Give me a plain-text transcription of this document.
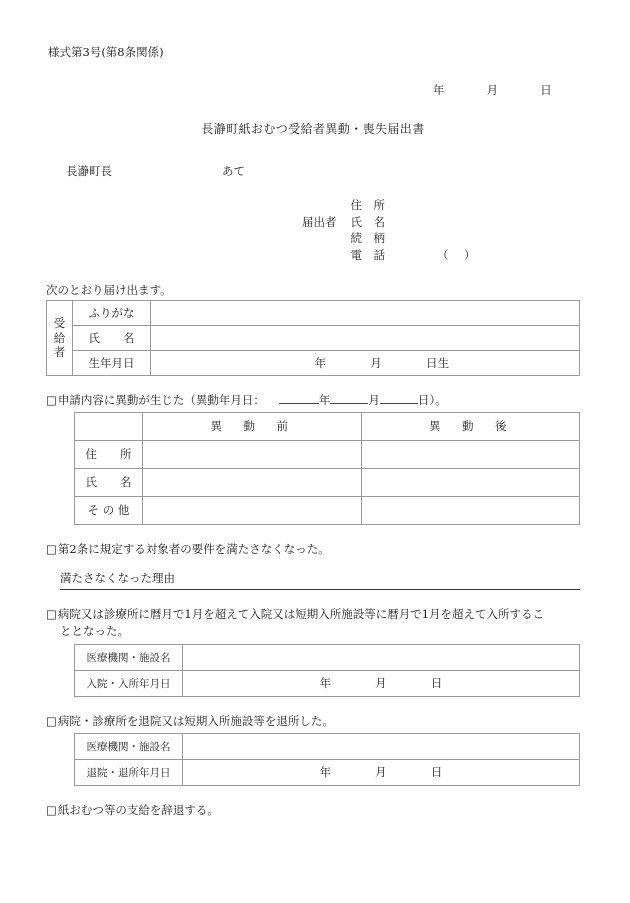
様式第3号(第8条関係)
年	月	日
長瀞町紙おむつ受給者異動・喪失届出書
長瀞町長	あて
届出者
住　所
氏　名
続　柄
電　話	（　）
次のとおり届け出ます。
受
給
者	ふりがな	
	氏　　名	
	生年月日	年 月 日生
□申請内容に異動が生じた（異動年月日：	年	月	日）。
	異　動　前	異　動　後
住　　所		
氏　　名		
そ の 他		
□第2条に規定する対象者の要件を満たさなくなった。
満たさなくなった理由
□病院又は診療所に暦月で1月を超えて入院又は短期入所施設等に暦月で1月を超えて入所するこ
ととなった。
医療機関・施設名	
入院・入所年月日	年 月 日
□病院・診療所を退院又は短期入所施設等を退所した。
医療機関・施設名	
退院・退所年月日	年 月 日
□紙おむつ等の支給を辞退する。
